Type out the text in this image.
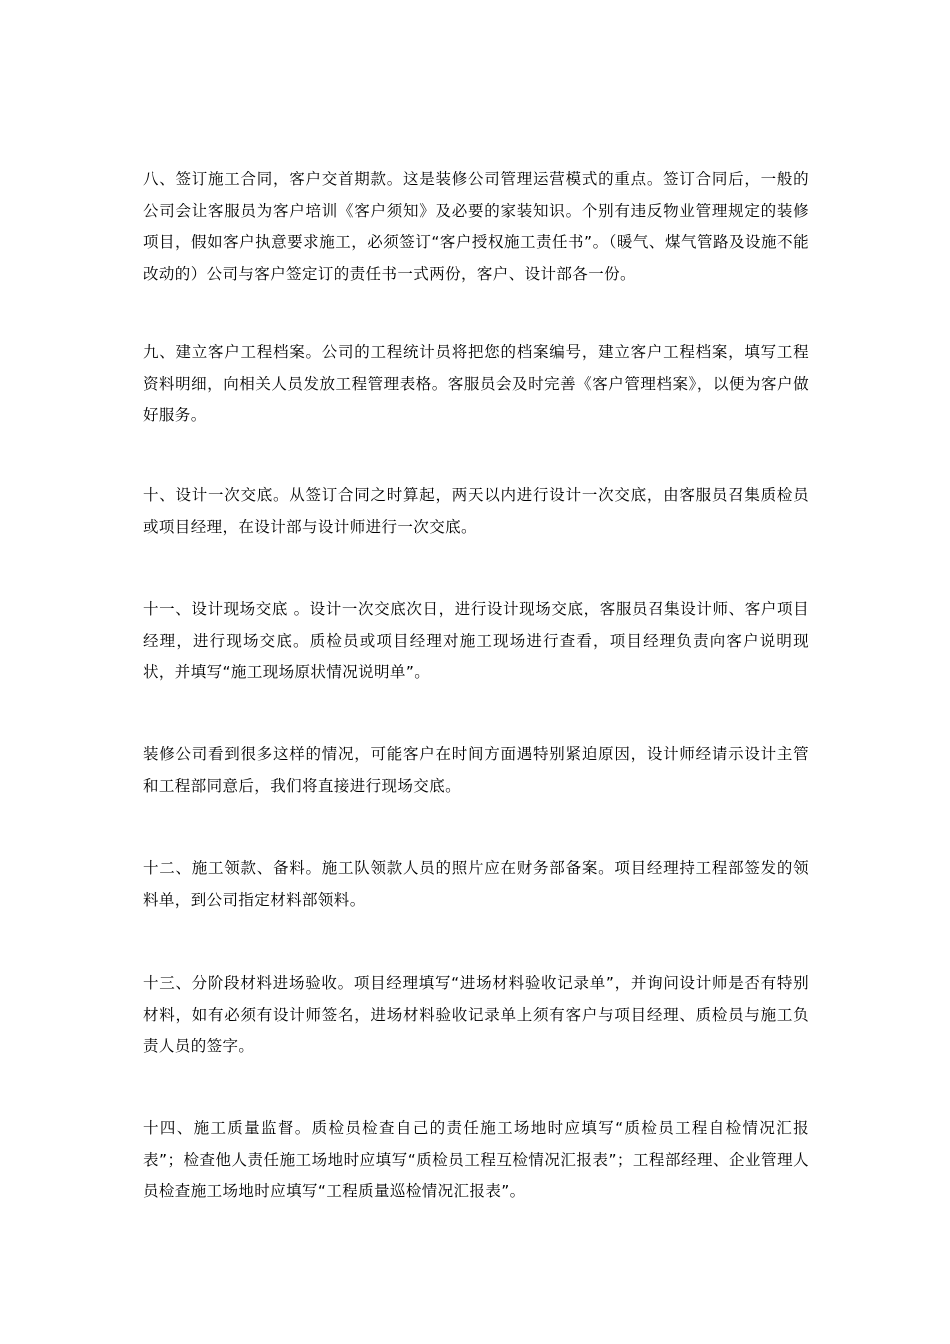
八、签订施工合同，客户交首期款。这是装修公司管理运营模式的重点。签订合同后，一般的公司会让客服员为客户培训《客户须知》及必要的家装知识。个别有违反物业管理规定的装修项目，假如客户执意要求施工，必须签订“客户授权施工责任书”。（暖气、煤气管路及设施不能改动的）公司与客户签定订的责任书一式两份，客户、设计部各一份。

九、建立客户工程档案。公司的工程统计员将把您的档案编号，建立客户工程档案，填写工程资料明细，向相关人员发放工程管理表格。客服员会及时完善《客户管理档案》，以便为客户做好服务。

十、设计一次交底。从签订合同之时算起，两天以内进行设计一次交底，由客服员召集质检员或项目经理，在设计部与设计师进行一次交底。

十一、设计现场交底 。设计一次交底次日，进行设计现场交底，客服员召集设计师、客户项目经理，进行现场交底。质检员或项目经理对施工现场进行查看，项目经理负责向客户说明现状，并填写“施工现场原状情况说明单”。

装修公司看到很多这样的情况，可能客户在时间方面遇特别紧迫原因，设计师经请示设计主管和工程部同意后，我们将直接进行现场交底。

十二、施工领款、备料。施工队领款人员的照片应在财务部备案。项目经理持工程部签发的领料单，到公司指定材料部领料。

十三、分阶段材料进场验收。项目经理填写“进场材料验收记录单”，并询问设计师是否有特别材料，如有必须有设计师签名，进场材料验收记录单上须有客户与项目经理、质检员与施工负责人员的签字。

十四、施工质量监督。质检员检查自己的责任施工场地时应填写“质检员工程自检情况汇报表”；检查他人责任施工场地时应填写“质检员工程互检情况汇报表”；工程部经理、企业管理人员检查施工场地时应填写“工程质量巡检情况汇报表”。
